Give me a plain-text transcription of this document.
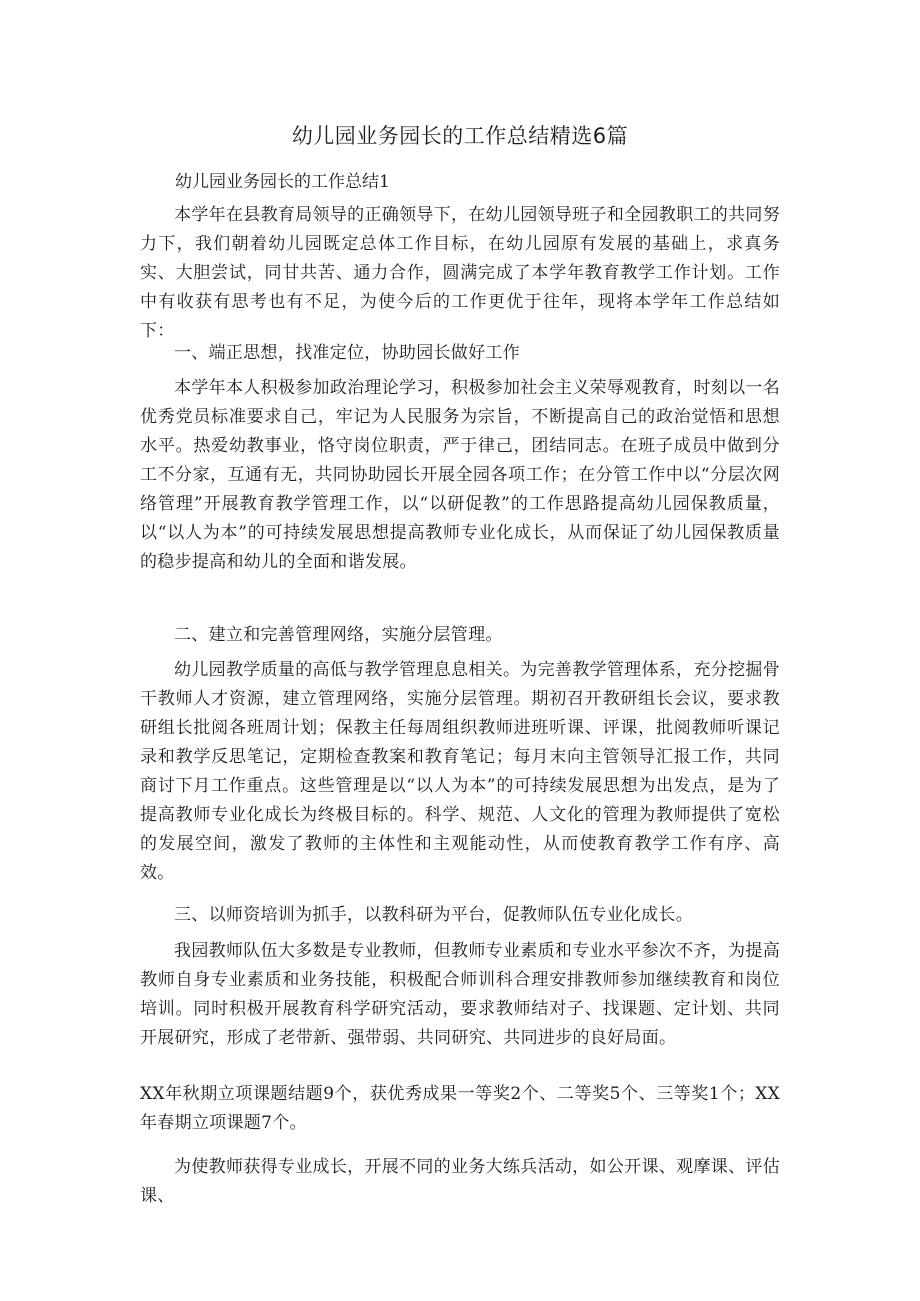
幼儿园业务园长的工作总结精选6篇
幼儿园业务园长的工作总结1
本学年在县教育局领导的正确领导下，在幼儿园领导班子和全园教职工的共同努力下，我们朝着幼儿园既定总体工作目标，在幼儿园原有发展的基础上，求真务实、大胆尝试，同甘共苦、通力合作，圆满完成了本学年教育教学工作计划。工作中有收获有思考也有不足，为使今后的工作更优于往年，现将本学年工作总结如下：
一、端正思想，找准定位，协助园长做好工作
本学年本人积极参加政治理论学习，积极参加社会主义荣辱观教育，时刻以一名优秀党员标准要求自己，牢记为人民服务为宗旨，不断提高自己的政治觉悟和思想水平。热爱幼教事业，恪守岗位职责，严于律己，团结同志。在班子成员中做到分工不分家，互通有无，共同协助园长开展全园各项工作；在分管工作中以“分层次网络管理”开展教育教学管理工作，以“以研促教”的工作思路提高幼儿园保教质量，以“以人为本”的可持续发展思想提高教师专业化成长，从而保证了幼儿园保教质量的稳步提高和幼儿的全面和谐发展。
二、建立和完善管理网络，实施分层管理。
幼儿园教学质量的高低与教学管理息息相关。为完善教学管理体系，充分挖掘骨干教师人才资源，建立管理网络，实施分层管理。期初召开教研组长会议，要求教研组长批阅各班周计划；保教主任每周组织教师进班听课、评课，批阅教师听课记录和教学反思笔记，定期检查教案和教育笔记；每月末向主管领导汇报工作，共同商讨下月工作重点。这些管理是以“以人为本”的可持续发展思想为出发点，是为了提高教师专业化成长为终极目标的。科学、规范、人文化的管理为教师提供了宽松的发展空间，激发了教师的主体性和主观能动性，从而使教育教学工作有序、高效。
三、以师资培训为抓手，以教科研为平台，促教师队伍专业化成长。
我园教师队伍大多数是专业教师，但教师专业素质和专业水平参次不齐，为提高教师自身专业素质和业务技能，积极配合师训科合理安排教师参加继续教育和岗位培训。同时积极开展教育科学研究活动，要求教师结对子、找课题、定计划、共同开展研究，形成了老带新、强带弱、共同研究、共同进步的良好局面。
XX年秋期立项课题结题9个，获优秀成果一等奖2个、二等奖5个、三等奖1个；XX年春期立项课题7个。
为使教师获得专业成长，开展不同的业务大练兵活动，如公开课、观摩课、评估课、
